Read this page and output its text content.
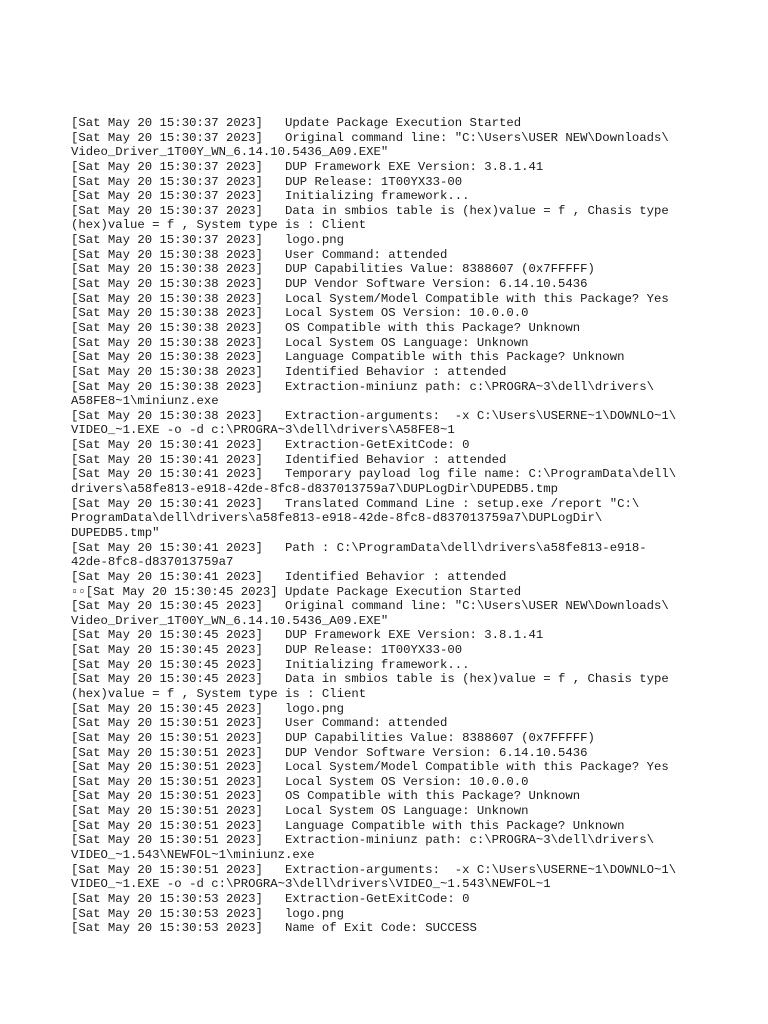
[Sat May 20 15:30:37 2023]   Update Package Execution Started
[Sat May 20 15:30:37 2023]   Original command line: "C:\Users\USER NEW\Downloads\
Video_Driver_1T00Y_WN_6.14.10.5436_A09.EXE"
[Sat May 20 15:30:37 2023]   DUP Framework EXE Version: 3.8.1.41
[Sat May 20 15:30:37 2023]   DUP Release: 1T00YX33-00
[Sat May 20 15:30:37 2023]   Initializing framework...
[Sat May 20 15:30:37 2023]   Data in smbios table is (hex)value = f , Chasis type
(hex)value = f , System type is : Client
[Sat May 20 15:30:37 2023]   logo.png
[Sat May 20 15:30:38 2023]   User Command: attended
[Sat May 20 15:30:38 2023]   DUP Capabilities Value: 8388607 (0x7FFFFF)
[Sat May 20 15:30:38 2023]   DUP Vendor Software Version: 6.14.10.5436
[Sat May 20 15:30:38 2023]   Local System/Model Compatible with this Package? Yes
[Sat May 20 15:30:38 2023]   Local System OS Version: 10.0.0.0
[Sat May 20 15:30:38 2023]   OS Compatible with this Package? Unknown
[Sat May 20 15:30:38 2023]   Local System OS Language: Unknown
[Sat May 20 15:30:38 2023]   Language Compatible with this Package? Unknown
[Sat May 20 15:30:38 2023]   Identified Behavior : attended
[Sat May 20 15:30:38 2023]   Extraction-miniunz path: c:\PROGRA~3\dell\drivers\
A58FE8~1\miniunz.exe
[Sat May 20 15:30:38 2023]   Extraction-arguments:  -x C:\Users\USERNE~1\DOWNLO~1\
VIDEO_~1.EXE -o -d c:\PROGRA~3\dell\drivers\A58FE8~1
[Sat May 20 15:30:41 2023]   Extraction-GetExitCode: 0
[Sat May 20 15:30:41 2023]   Identified Behavior : attended
[Sat May 20 15:30:41 2023]   Temporary payload log file name: C:\ProgramData\dell\
drivers\a58fe813-e918-42de-8fc8-d837013759a7\DUPLogDir\DUPEDB5.tmp
[Sat May 20 15:30:41 2023]   Translated Command Line : setup.exe /report "C:\
ProgramData\dell\drivers\a58fe813-e918-42de-8fc8-d837013759a7\DUPLogDir\
DUPEDB5.tmp"
[Sat May 20 15:30:41 2023]   Path : C:\ProgramData\dell\drivers\a58fe813-e918-
42de-8fc8-d837013759a7
[Sat May 20 15:30:41 2023]   Identified Behavior : attended
▫▫[Sat May 20 15:30:45 2023] Update Package Execution Started
[Sat May 20 15:30:45 2023]   Original command line: "C:\Users\USER NEW\Downloads\
Video_Driver_1T00Y_WN_6.14.10.5436_A09.EXE"
[Sat May 20 15:30:45 2023]   DUP Framework EXE Version: 3.8.1.41
[Sat May 20 15:30:45 2023]   DUP Release: 1T00YX33-00
[Sat May 20 15:30:45 2023]   Initializing framework...
[Sat May 20 15:30:45 2023]   Data in smbios table is (hex)value = f , Chasis type
(hex)value = f , System type is : Client
[Sat May 20 15:30:45 2023]   logo.png
[Sat May 20 15:30:51 2023]   User Command: attended
[Sat May 20 15:30:51 2023]   DUP Capabilities Value: 8388607 (0x7FFFFF)
[Sat May 20 15:30:51 2023]   DUP Vendor Software Version: 6.14.10.5436
[Sat May 20 15:30:51 2023]   Local System/Model Compatible with this Package? Yes
[Sat May 20 15:30:51 2023]   Local System OS Version: 10.0.0.0
[Sat May 20 15:30:51 2023]   OS Compatible with this Package? Unknown
[Sat May 20 15:30:51 2023]   Local System OS Language: Unknown
[Sat May 20 15:30:51 2023]   Language Compatible with this Package? Unknown
[Sat May 20 15:30:51 2023]   Extraction-miniunz path: c:\PROGRA~3\dell\drivers\
VIDEO_~1.543\NEWFOL~1\miniunz.exe
[Sat May 20 15:30:51 2023]   Extraction-arguments:  -x C:\Users\USERNE~1\DOWNLO~1\
VIDEO_~1.EXE -o -d c:\PROGRA~3\dell\drivers\VIDEO_~1.543\NEWFOL~1
[Sat May 20 15:30:53 2023]   Extraction-GetExitCode: 0
[Sat May 20 15:30:53 2023]   logo.png
[Sat May 20 15:30:53 2023]   Name of Exit Code: SUCCESS
